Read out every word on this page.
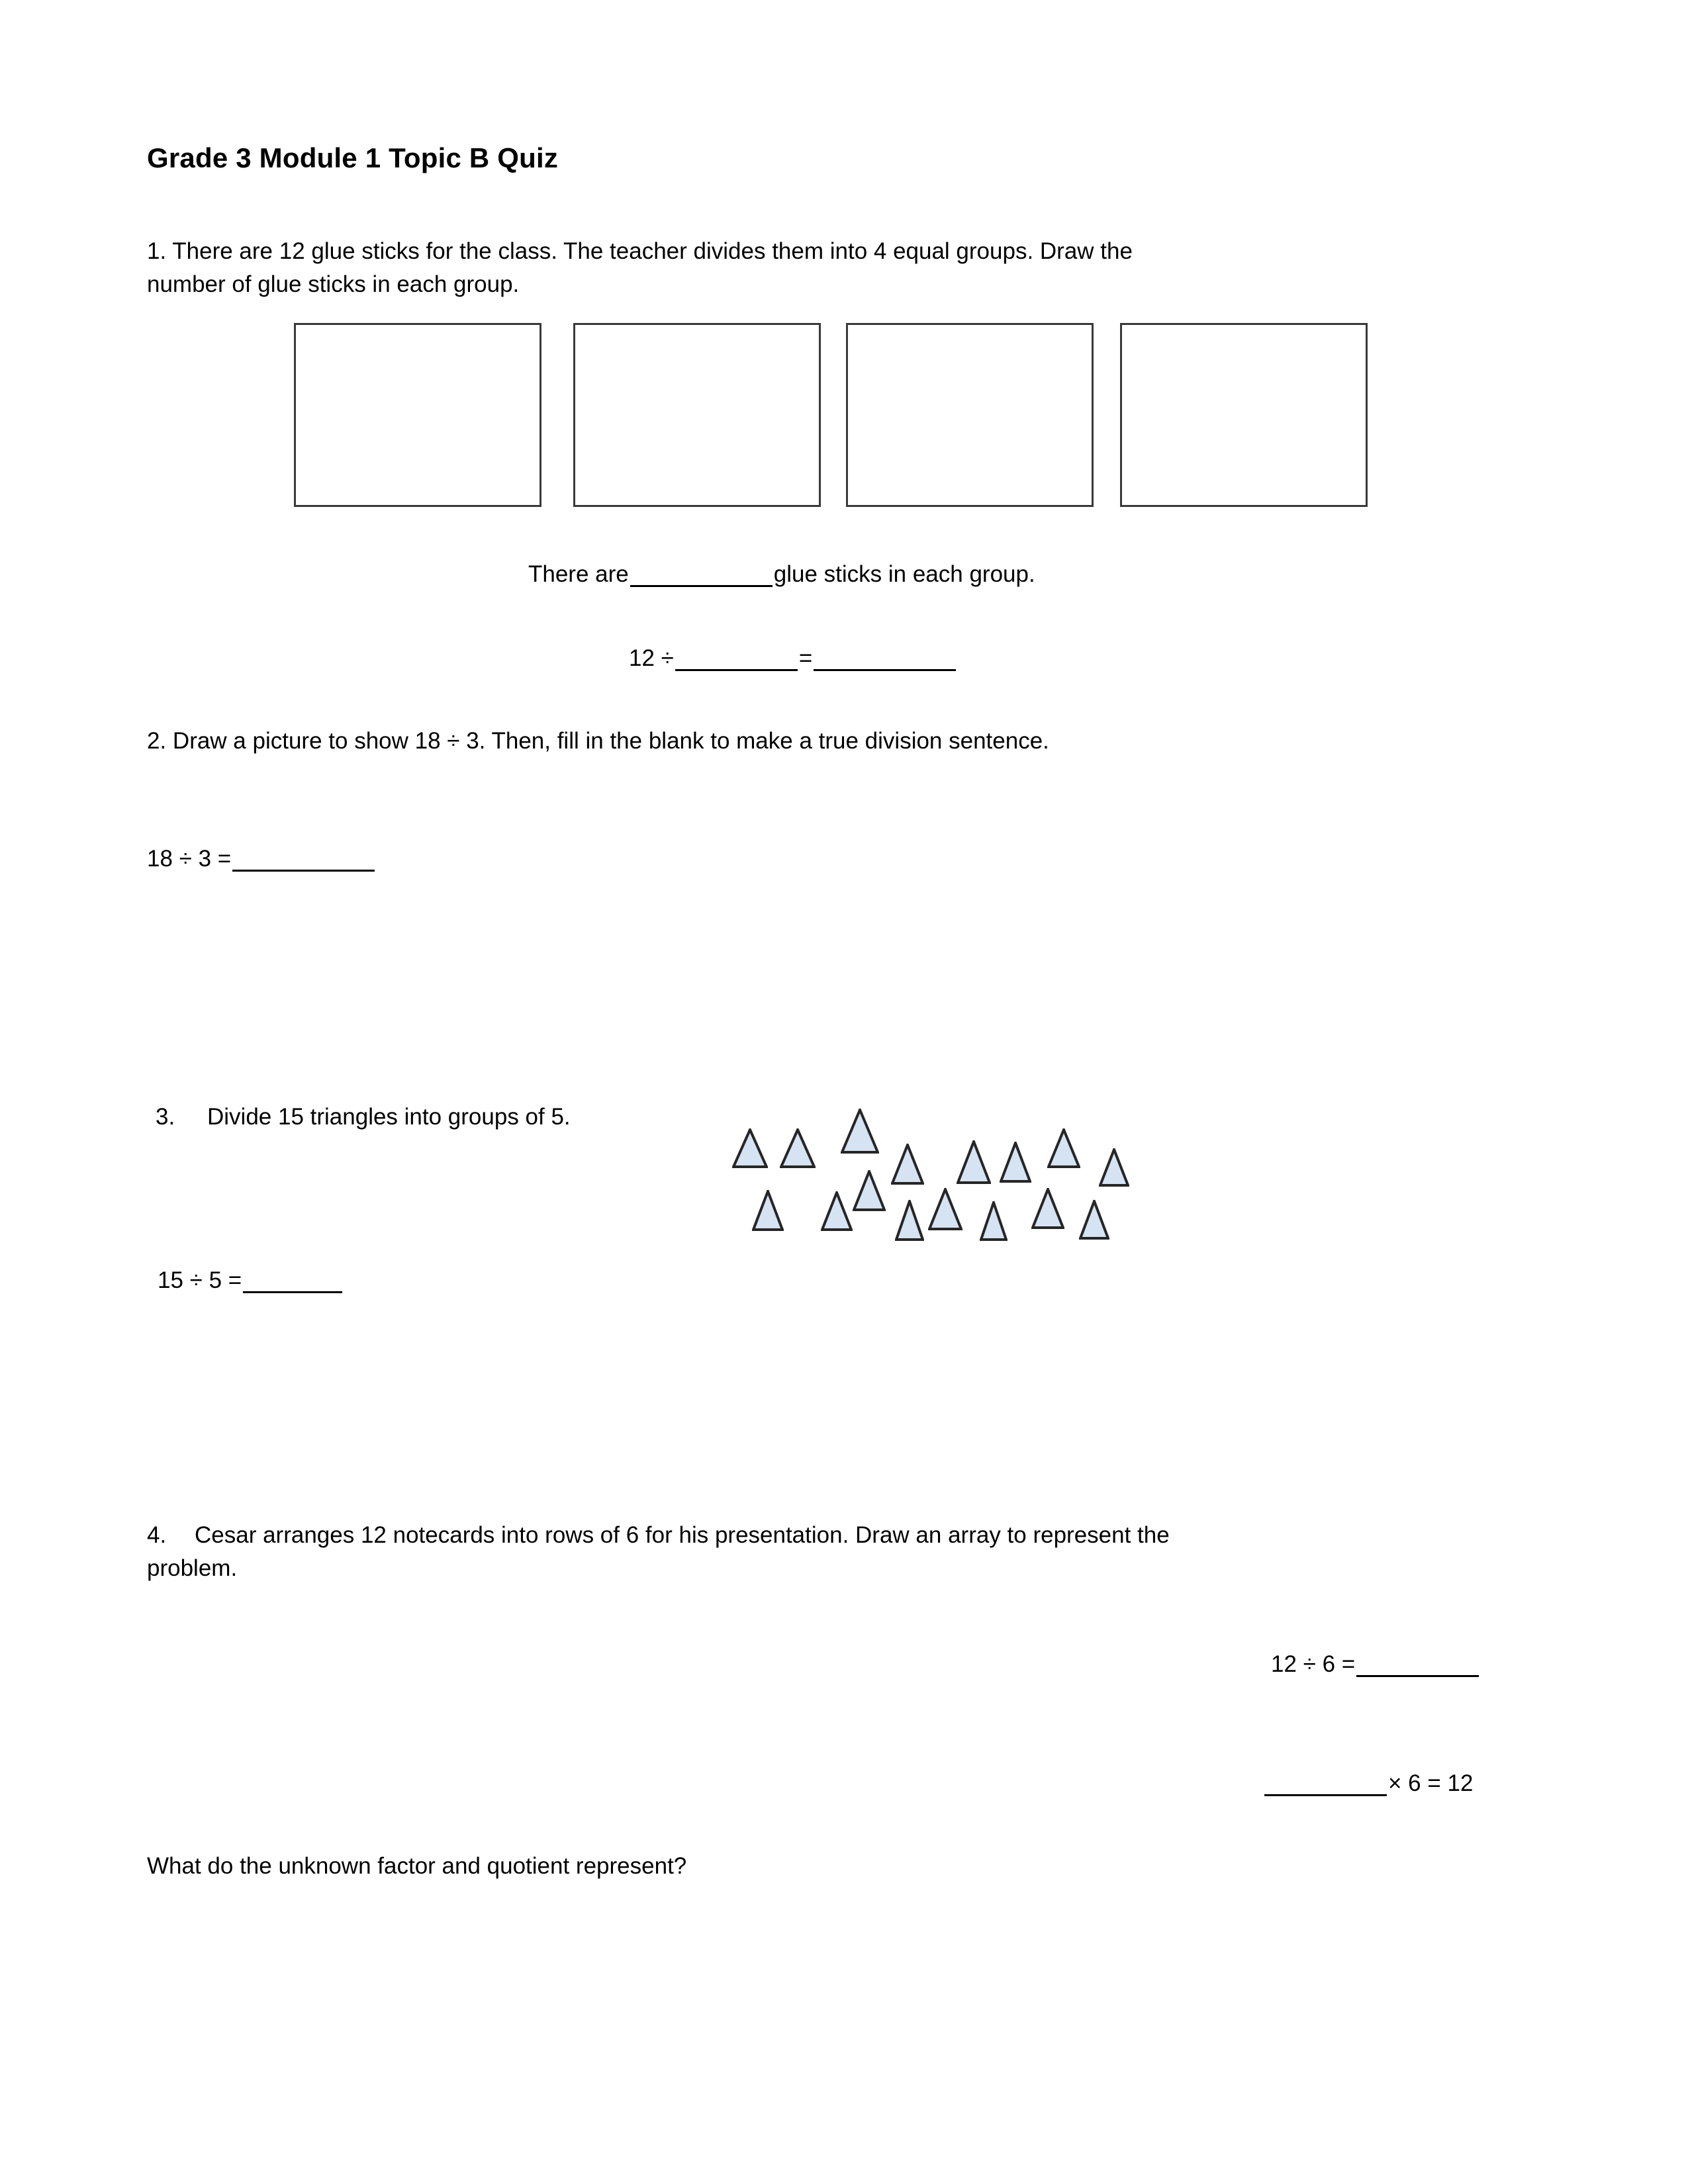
Grade 3 Module 1 Topic B Quiz
1. There are 12 glue sticks for the class. The teacher divides them into 4 equal groups. Draw the
number of glue sticks in each group.
There are	glue sticks in each group.
12 ÷	=
2. Draw a picture to show 18 ÷ 3. Then, fill in the blank to make a true division sentence.
18 ÷ 3 =
3. Divide 15 triangles into groups of 5.
15 ÷ 5 =
4. Cesar arranges 12 notecards into rows of 6 for his presentation. Draw an array to represent the
problem.
12 ÷ 6 =
× 6 = 12
What do the unknown factor and quotient represent?
